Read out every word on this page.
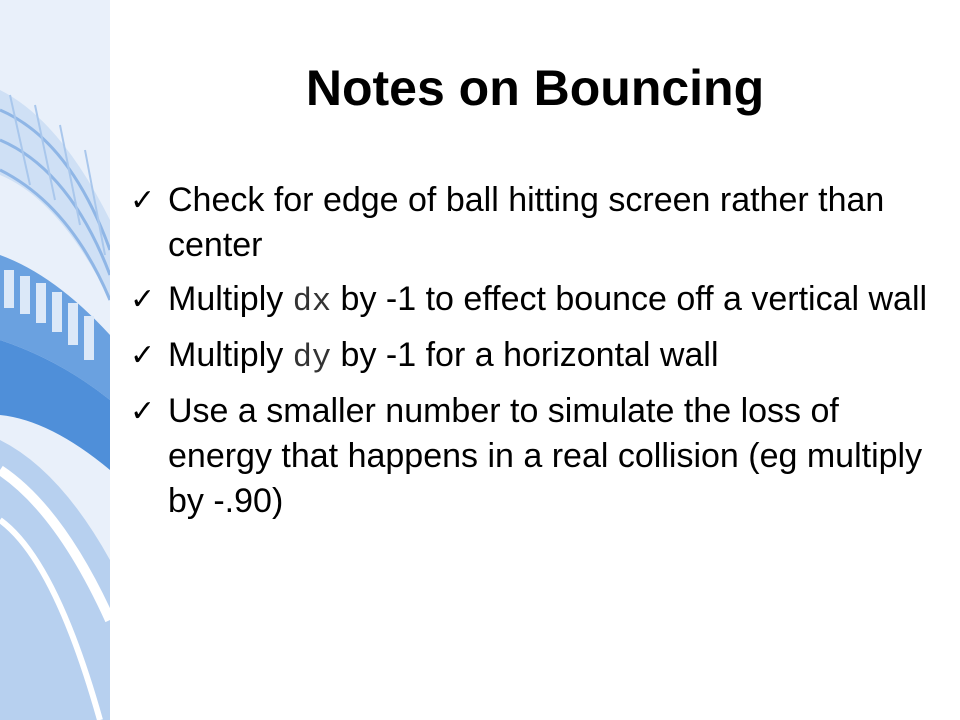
Notes on Bouncing
✓ Check for edge of ball hitting screen rather than center
✓ Multiply dx by -1 to effect bounce off a vertical wall
✓ Multiply dy by -1 for a horizontal wall
✓ Use a smaller number to simulate the loss of energy that happens in a real collision (eg multiply by -.90)
